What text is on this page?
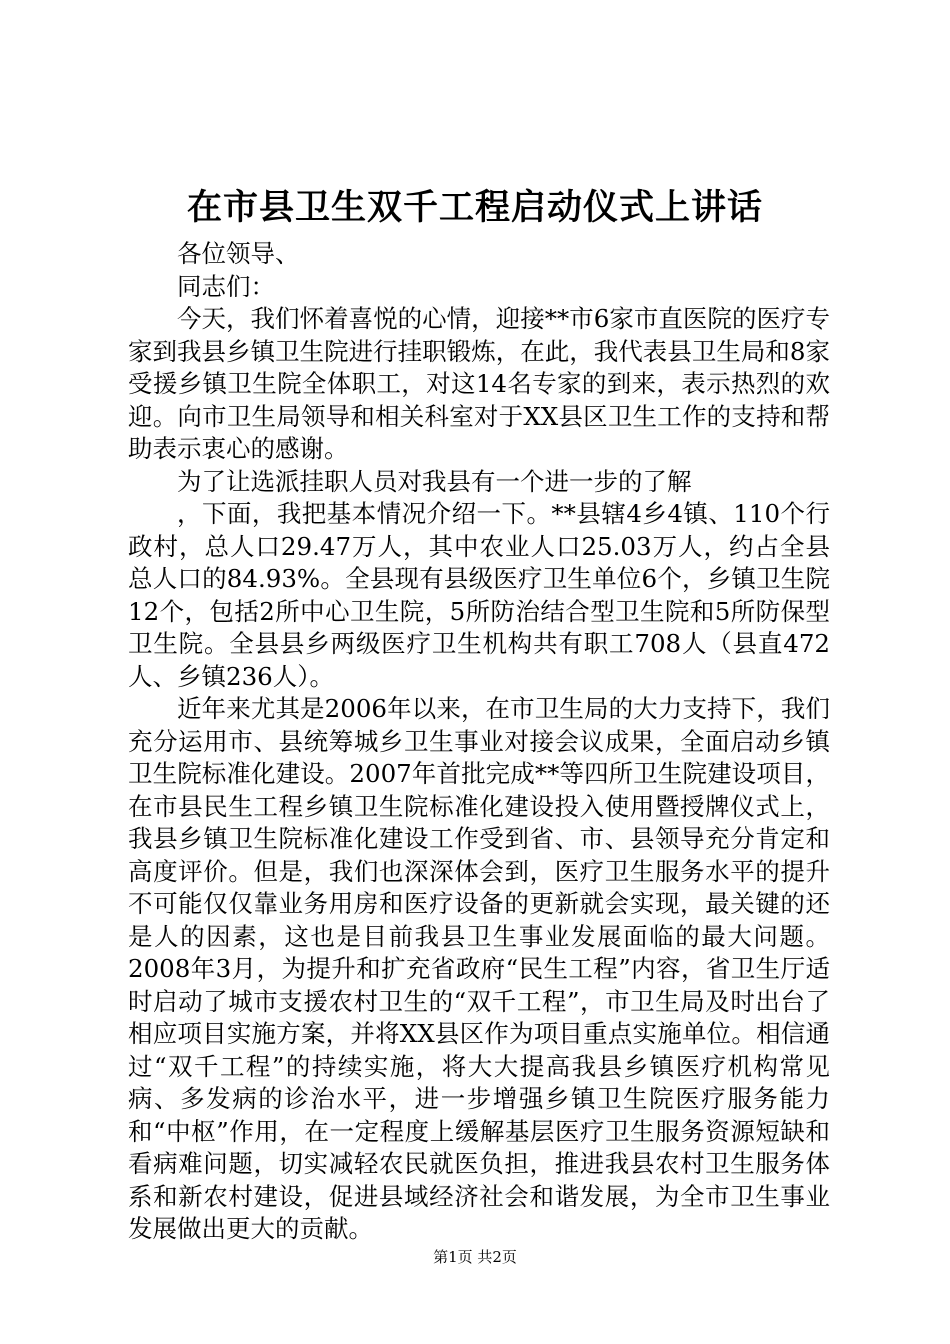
在市县卫生双千工程启动仪式上讲话

各位领导、

同志们：

今天，我们怀着喜悦的心情，迎接**市6家市直医院的医疗专家到我县乡镇卫生院进行挂职锻炼，在此，我代表县卫生局和8家受援乡镇卫生院全体职工，对这14名专家的到来，表示热烈的欢迎。向市卫生局领导和相关科室对于XX县区卫生工作的支持和帮助表示衷心的感谢。

为了让选派挂职人员对我县有一个进一步的了解

，下面，我把基本情况介绍一下。**县辖4乡4镇、110个行政村，总人口29.47万人，其中农业人口25.03万人，约占全县总人口的84.93%。全县现有县级医疗卫生单位6个，乡镇卫生院12个，包括2所中心卫生院，5所防治结合型卫生院和5所防保型卫生院。全县县乡两级医疗卫生机构共有职工708人（县直472人、乡镇236人）。

近年来尤其是2006年以来，在市卫生局的大力支持下，我们充分运用市、县统筹城乡卫生事业对接会议成果，全面启动乡镇卫生院标准化建设。2007年首批完成**等四所卫生院建设项目，在市县民生工程乡镇卫生院标准化建设投入使用暨授牌仪式上，我县乡镇卫生院标准化建设工作受到省、市、县领导充分肯定和高度评价。但是，我们也深深体会到，医疗卫生服务水平的提升不可能仅仅靠业务用房和医疗设备的更新就会实现，最关键的还是人的因素，这也是目前我县卫生事业发展面临的最大问题。2008年3月，为提升和扩充省政府“民生工程”内容，省卫生厅适时启动了城市支援农村卫生的“双千工程”，市卫生局及时出台了相应项目实施方案，并将XX县区作为项目重点实施单位。相信通过“双千工程”的持续实施，将大大提高我县乡镇医疗机构常见病、多发病的诊治水平，进一步增强乡镇卫生院医疗服务能力和“中枢”作用，在一定程度上缓解基层医疗卫生服务资源短缺和看病难问题，切实减轻农民就医负担，推进我县农村卫生服务体系和新农村建设，促进县域经济社会和谐发展，为全市卫生事业发展做出更大的贡献。

第1页 共2页
